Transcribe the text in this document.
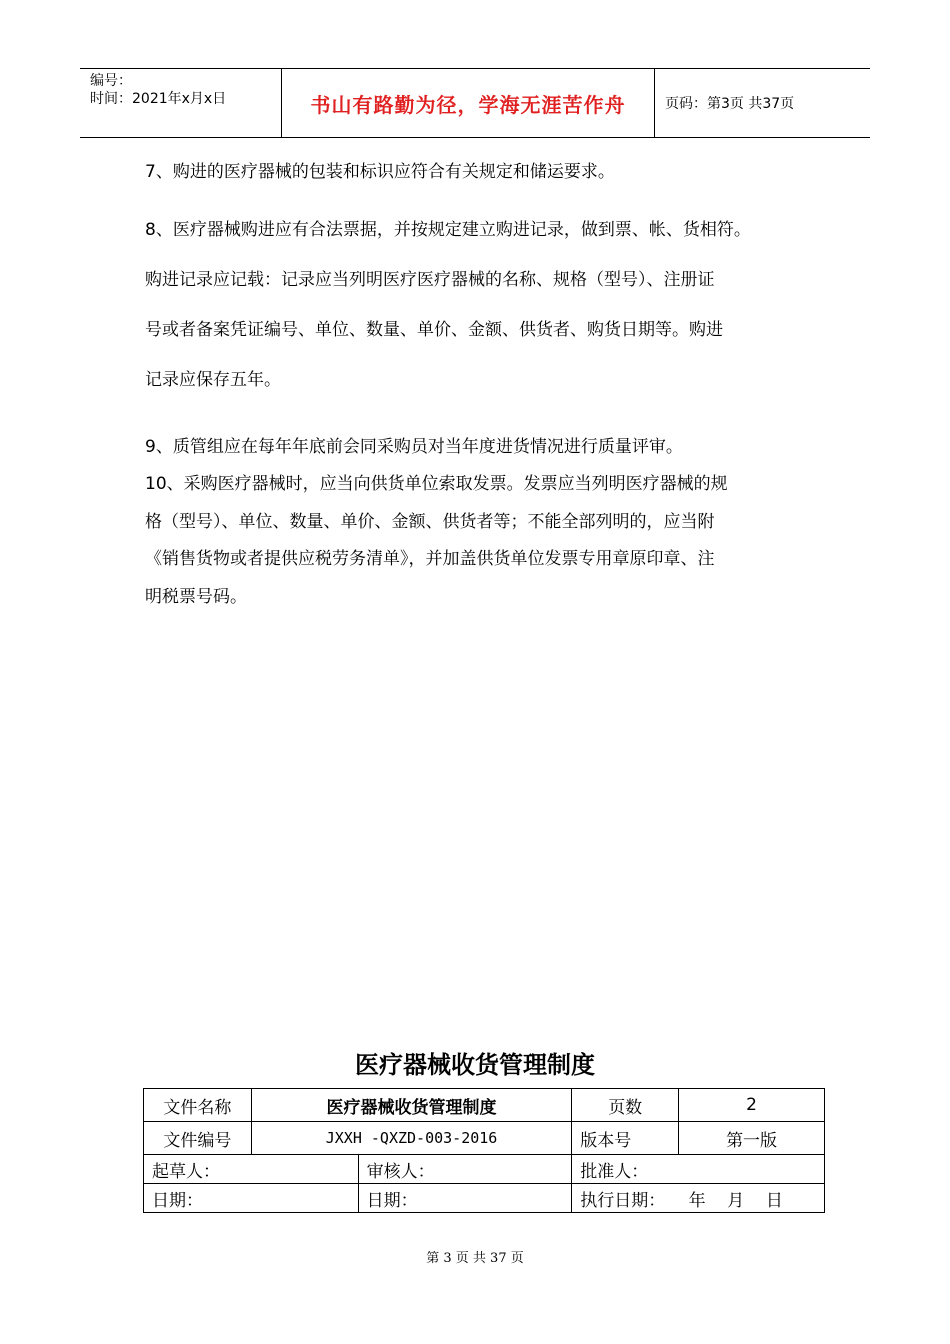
编号：
时间：2021年x月x日	书山有路勤为径，学海无涯苦作舟	页码：第3页 共37页
7、购进的医疗器械的包装和标识应符合有关规定和储运要求。
8、医疗器械购进应有合法票据，并按规定建立购进记录，做到票、帐、货相符。
购进记录应记载：记录应当列明医疗医疗器械的名称、规格（型号）、注册证
号或者备案凭证编号、单位、数量、单价、金额、供货者、购货日期等。购进
记录应保存五年。
9、质管组应在每年年底前会同采购员对当年度进货情况进行质量评审。
10、采购医疗器械时，应当向供货单位索取发票。发票应当列明医疗器械的规
格（型号）、单位、数量、单价、金额、供货者等；不能全部列明的，应当附
《销售货物或者提供应税劳务清单》，并加盖供货单位发票专用章原印章、注
明税票号码。
医疗器械收货管理制度
文件名称	医疗器械收货管理制度		页数	2
文件编号	JXXH -QXZD-003-2016		版本号	第一版
起草人：		审核人：	批准人：	
日期：		日期：	执行日期： 年    月    日	
第 3 页 共 37 页
